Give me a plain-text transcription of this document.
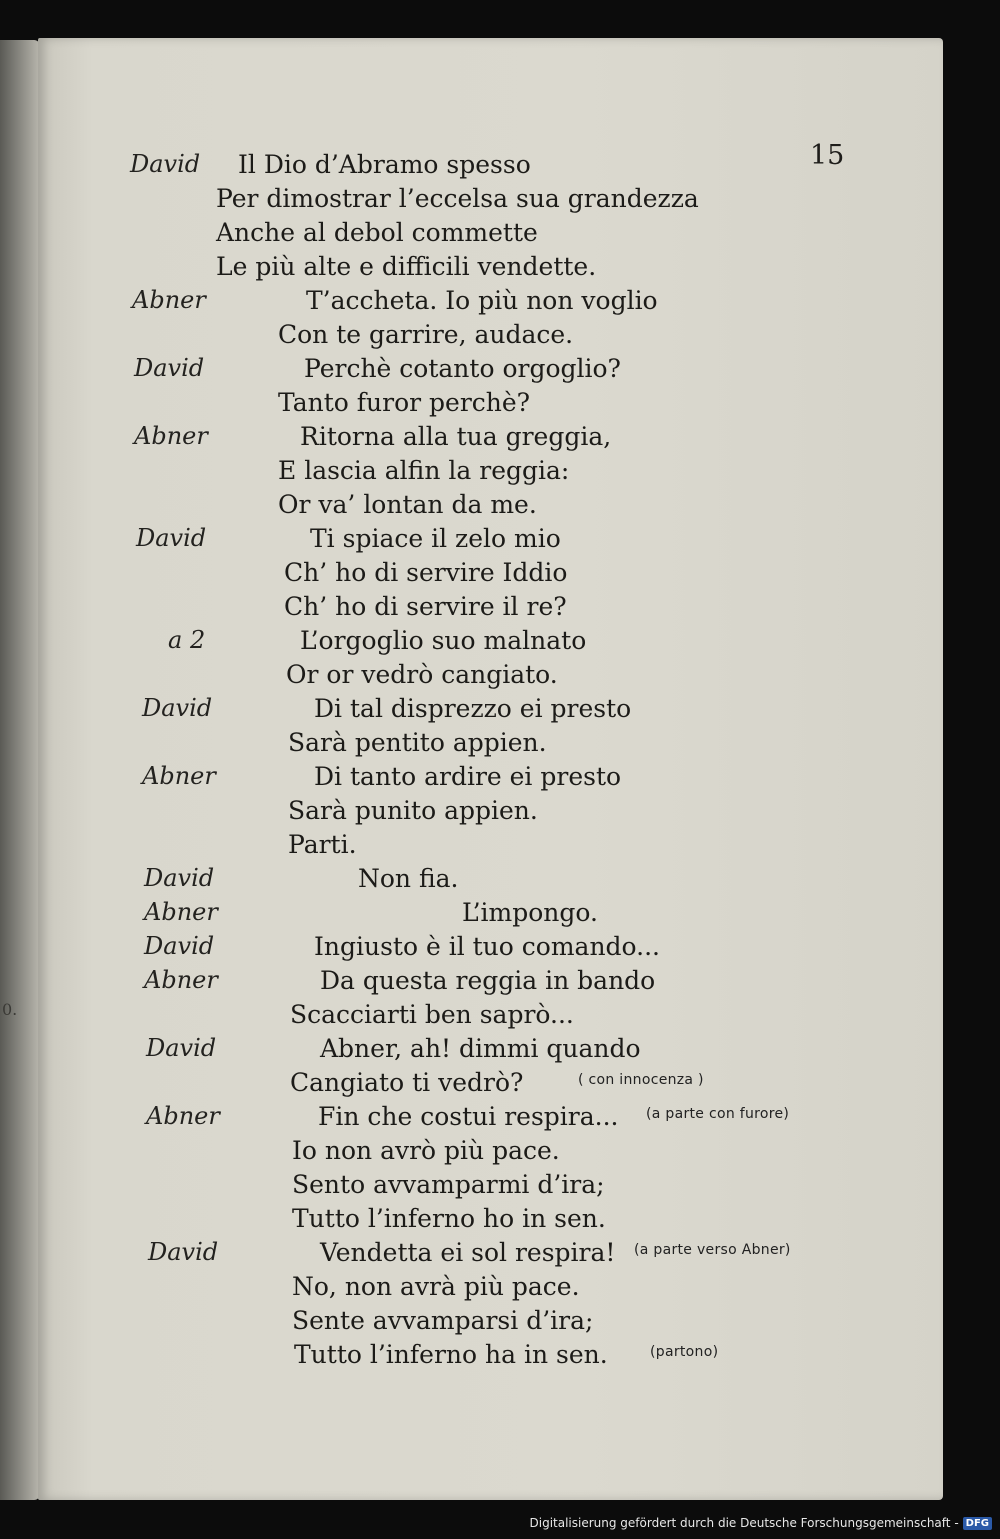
0.
15
David Il Dio d’Abramo spesso
Per dimostrar l’eccelsa sua grandezza
Anche al debol commette
Le più alte e difficili vendette.
Abner	T’accheta. Io più non voglio
Con te garrire, audace.
David	Perchè cotanto orgoglio?
Tanto furor perchè?
Abner	Ritorna alla tua greggia,
E lascia alfin la reggia:
Or va’ lontan da me.
David	Ti spiace il zelo mio
Ch’ ho di servire Iddio
Ch’ ho di servire il re?
a 2	L’orgoglio suo malnato
Or or vedrò cangiato.
David	Di tal disprezzo ei presto
Sarà pentito appien.
Abner	Di tanto ardire ei presto
Sarà punito appien.
Parti.
David	Non fia.
Abner	L’impongo.
David	Ingiusto è il tuo comando...
Abner	Da questa reggia in bando
Scacciarti ben saprò...
David	Abner, ah! dimmi quando
Cangiato ti vedrò?	( con innocenza )
Abner	Fin che costui respira... (a parte con furore)
Io non avrò più pace.
Sento avvamparmi d’ira;
Tutto l’inferno ho in sen.
David	Vendetta ei sol respira! (a parte verso Abner)
No, non avrà più pace.
Sente avvamparsi d’ira;
Tutto l’inferno ha in sen.	(partono)
Digitalisierung gefördert durch die Deutsche Forschungsgemeinschaft - DFG
